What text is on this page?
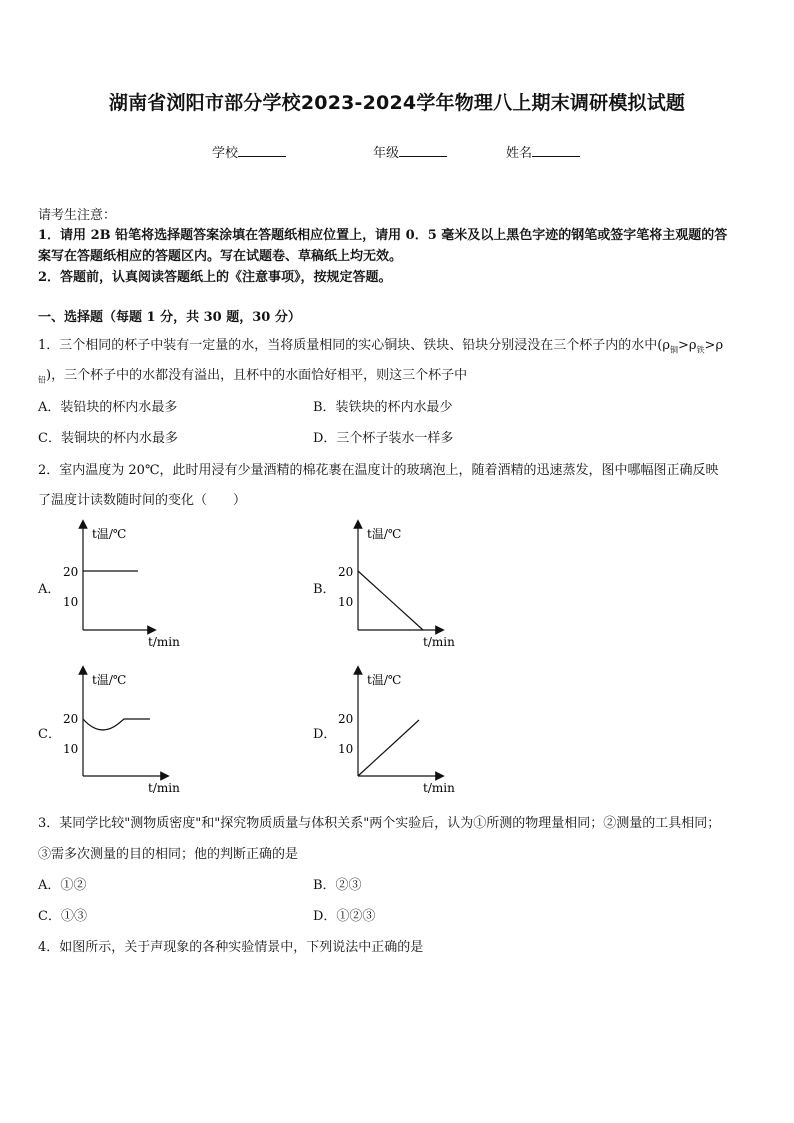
湖南省浏阳市部分学校2023-2024学年物理八上期末调研模拟试题
学校	年级	姓名
请考生注意：
1．请用 2B 铅笔将选择题答案涂填在答题纸相应位置上，请用 0．5 毫米及以上黑色字迹的钢笔或签字笔将主观题的答
案写在答题纸相应的答题区内。写在试题卷、草稿纸上均无效。
2．答题前，认真阅读答题纸上的《注意事项》，按规定答题。
一、选择题（每题 1 分，共 30 题，30 分）
1．三个相同的杯子中装有一定量的水，当将质量相同的实心铜块、铁块、铅块分别浸没在三个杯子内的水中($\rho_铜>\rho_铁>\rho$
$_铅$)，三个杯子中的水都没有溢出，且杯中的水面恰好相平，则这三个杯子中
A．装铅块的杯内水最多	B．装铁块的杯内水最少
C．装铜块的杯内水最多	D．三个杯子装水一样多
2．室内温度为 20℃，此时用浸有少量酒精的棉花裹在温度计的玻璃泡上，随着酒精的迅速蒸发，图中哪幅图正确反映
了温度计读数随时间的变化（　　）
A．
t温/℃
20
10
t/min
B．
t温/℃
20
10
t/min
C．
t温/℃
20
10
t/min
D．
t温/℃
20
10
t/min
3．某同学比较"测物质密度"和"探究物质质量与体积关系"两个实验后，认为①所测的物理量相同；②测量的工具相同；
③需多次测量的目的相同；他的判断正确的是
A．①②	B．②③
C．①③	D．①②③
4．如图所示，关于声现象的各种实验情景中，下列说法中正确的是
